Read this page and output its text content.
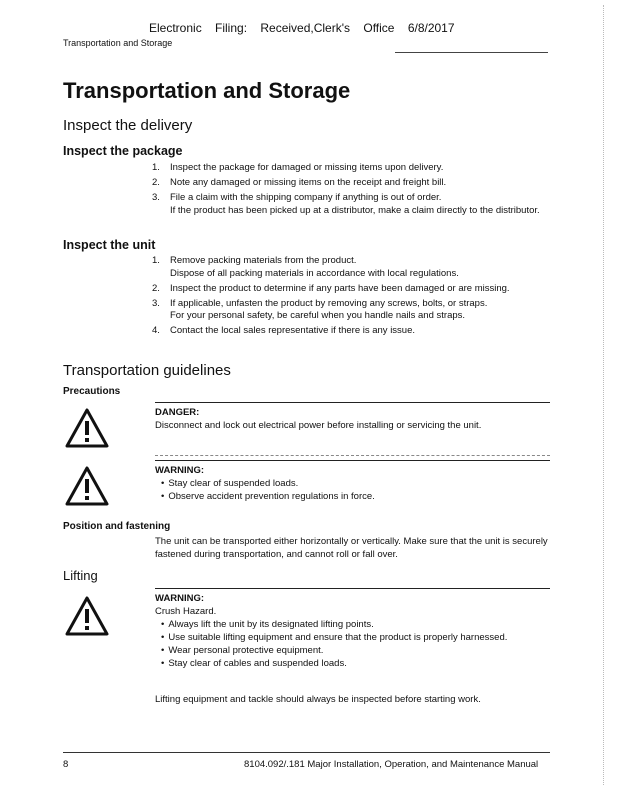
Electronic Filing: Received,Clerk's Office 6/8/2017
Transportation and Storage
Transportation and Storage
Inspect the delivery
Inspect the package
1.	Inspect the package for damaged or missing items upon delivery.
2.	Note any damaged or missing items on the receipt and freight bill.
3.	File a claim with the shipping company if anything is out of order.
If the product has been picked up at a distributor, make a claim directly to the distributor.
Inspect the unit
1.	Remove packing materials from the product.
Dispose of all packing materials in accordance with local regulations.
2.	Inspect the product to determine if any parts have been damaged or are missing.
3.	If applicable, unfasten the product by removing any screws, bolts, or straps.
For your personal safety, be careful when you handle nails and straps.
4.	Contact the local sales representative if there is any issue.
Transportation guidelines
Precautions
DANGER:
Disconnect and lock out electrical power before installing or servicing the unit.
WARNING:
• Stay clear of suspended loads.
• Observe accident prevention regulations in force.
Position and fastening
The unit can be transported either horizontally or vertically. Make sure that the unit is securely fastened during transportation, and cannot roll or fall over.
Lifting
WARNING:
Crush Hazard.
• Always lift the unit by its designated lifting points.
• Use suitable lifting equipment and ensure that the product is properly harnessed.
• Wear personal protective equipment.
• Stay clear of cables and suspended loads.
Lifting equipment and tackle should always be inspected before starting work.
8	8104.092/.181 Major Installation, Operation, and Maintenance Manual
